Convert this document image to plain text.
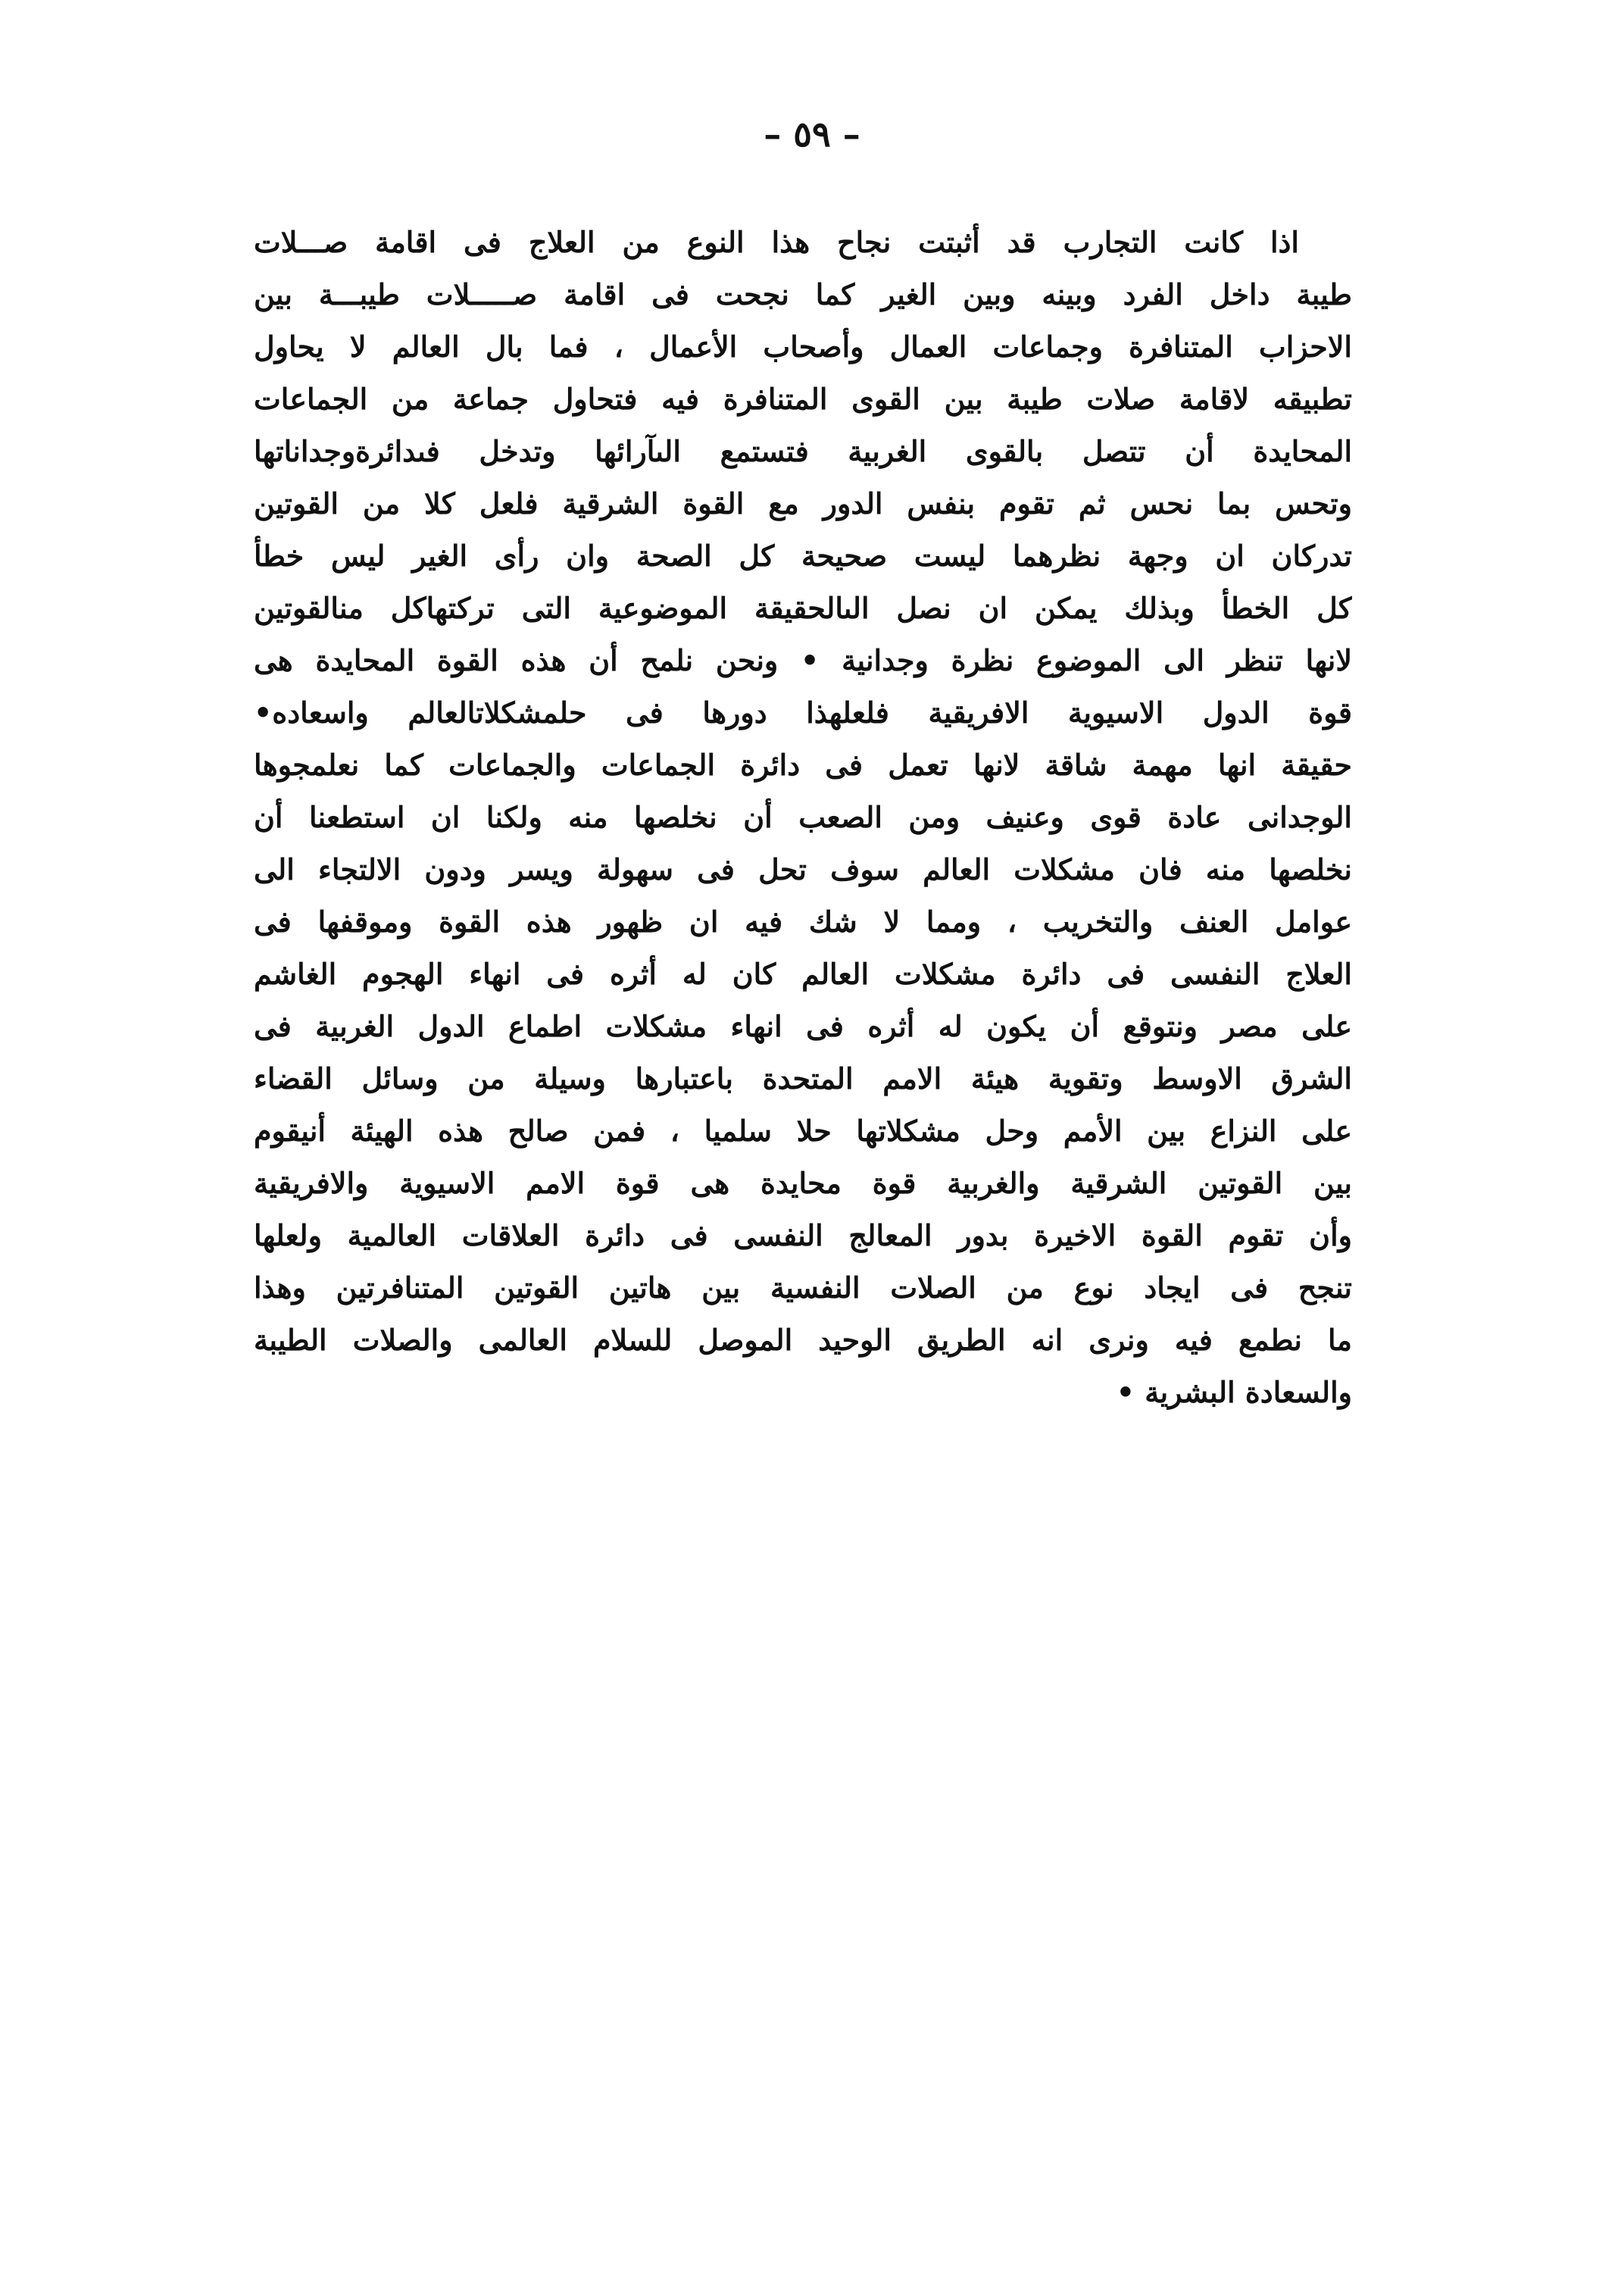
– ٥٩ –
اذا كانت التجارب قد أثبتت نجاح هذا النوع من العلاج فى اقامة صـــلات
طيبة داخل الفرد وبينه وبين الغير كما نجحت فى اقامة صـــــلات طيبـــة بين
الاحزاب المتنافرة وجماعات العمال وأصحاب الأعمال ، فما بال العالم لا يحاول
تطبيقه لاقامة صلات طيبة بين القوى المتنافرة فيه فتحاول جماعة من الجماعات
المحايدة أن تتصل بالقوى الغربية فتستمع الىآرائها وتدخل فىدائرةوجداناتها
وتحس بما نحس ثم تقوم بنفس الدور مع القوة الشرقية فلعل كلا من القوتين
تدركان ان وجهة نظرهما ليست صحيحة كل الصحة وان رأى الغير ليس خطأ
كل الخطأ وبذلك يمكن ان نصل الىالحقيقة الموضوعية التى تركتهاكل منالقوتين
لانها تنظر الى الموضوع نظرة وجدانية • ونحن نلمح أن هذه القوة المحايدة هى
قوة الدول الاسيوية الافريقية فلعلهذا دورها فى حلمشكلاتالعالم واسعاده•
حقيقة انها مهمة شاقة لانها تعمل فى دائرة الجماعات والجماعات كما نعلمجوها
الوجدانى عادة قوى وعنيف ومن الصعب أن نخلصها منه ولكنا ان استطعنا أن
نخلصها منه فان مشكلات العالم سوف تحل فى سهولة ويسر ودون الالتجاء الى
عوامل العنف والتخريب ، ومما لا شك فيه ان ظهور هذه القوة وموقفها فى
العلاج النفسى فى دائرة مشكلات العالم كان له أثره فى انهاء الهجوم الغاشم
على مصر ونتوقع أن يكون له أثره فى انهاء مشكلات اطماع الدول الغربية فى
الشرق الاوسط وتقوية هيئة الامم المتحدة باعتبارها وسيلة من وسائل القضاء
على النزاع بين الأمم وحل مشكلاتها حلا سلميا ، فمن صالح هذه الهيئة أنيقوم
بين القوتين الشرقية والغربية قوة محايدة هى قوة الامم الاسيوية والافريقية
وأن تقوم القوة الاخيرة بدور المعالج النفسى فى دائرة العلاقات العالمية ولعلها
تنجح فى ايجاد نوع من الصلات النفسية بين هاتين القوتين المتنافرتين وهذا
ما نطمع فيه ونرى انه الطريق الوحيد الموصل للسلام العالمى والصلات الطيبة
والسعادة البشرية •
